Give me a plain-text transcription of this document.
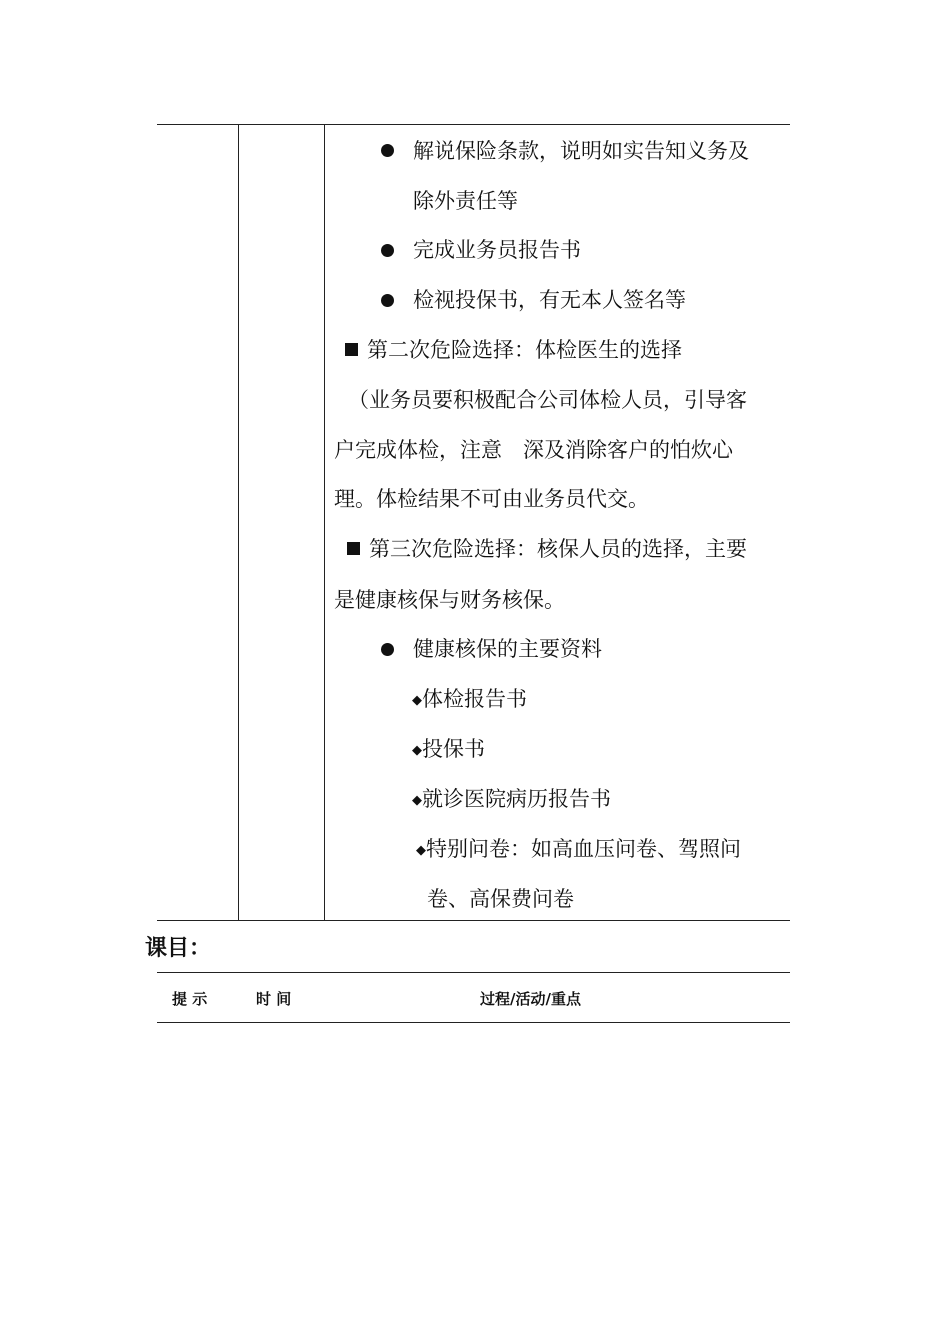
解说保险条款，说明如实告知义务及
除外责任等
完成业务员报告书
检视投保书，有无本人签名等
第二次危险选择：体检医生的选择
（业务员要积极配合公司体检人员，引导客
户完成体检，注意　深及消除客户的怕炊心
理。体检结果不可由业务员代交。
第三次危险选择：核保人员的选择，主要
是健康核保与财务核保。
健康核保的主要资料
◆体检报告书
◆投保书
◆就诊医院病历报告书
◆特别问卷：如高血压问卷、驾照问
卷、高保费问卷
课目：
提 示	时 间	过程/活动/重点
